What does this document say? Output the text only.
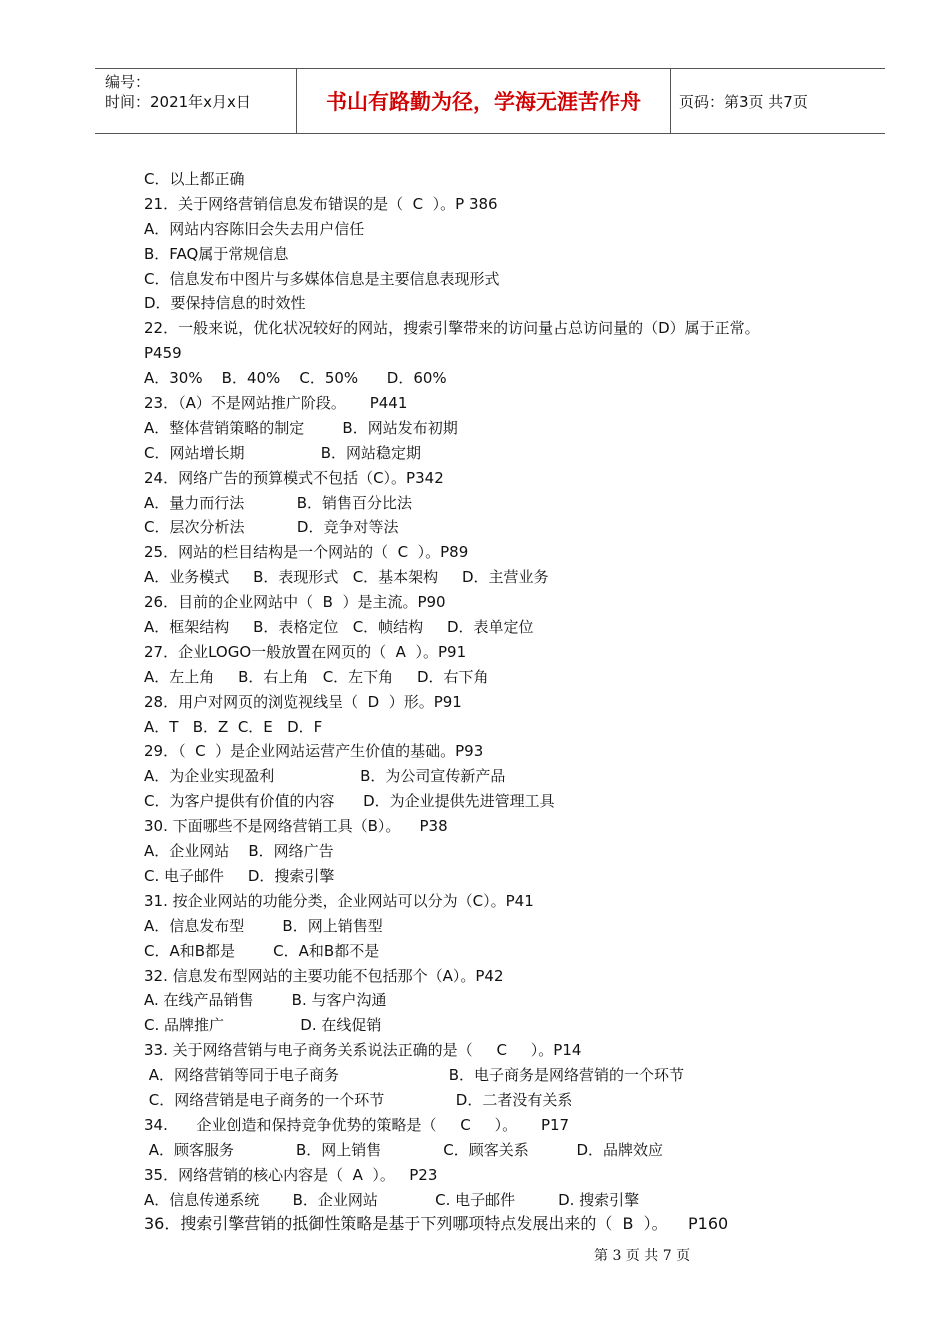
编号：
时间：2021年x月x日	书山有路勤为径，学海无涯苦作舟	页码：第3页 共7页
C．以上都正确
21．关于网络营销信息发布错误的是（  C  ）。P 386
A．网站内容陈旧会失去用户信任
B．FAQ属于常规信息
C．信息发布中图片与多媒体信息是主要信息表现形式
D．要保持信息的时效性
22．一般来说，优化状况较好的网站，搜索引擎带来的访问量占总访问量的（D）属于正常。
P459
A．30%    B．40%    C．50%      D．60%
23．（A）不是网站推广阶段。     P441
A．整体营销策略的制定        B．网站发布初期
C．网站增长期                B．网站稳定期
24．网络广告的预算模式不包括（C）。P342
A．量力而行法           B．销售百分比法
C．层次分析法           D．竞争对等法
25．网站的栏目结构是一个网站的（  C  ）。P89
A．业务模式     B．表现形式   C．基本架构     D．主营业务
26．目前的企业网站中（  B  ）是主流。P90
A．框架结构     B．表格定位   C．帧结构     D．表单定位
27．企业LOGO一般放置在网页的（  A  ）。P91
A．左上角     B．右上角   C．左下角     D．右下角
28．用户对网页的浏览视线呈（  D  ）形。P91
A．T   B．Z  C．E   D．F
29．（  C  ）是企业网站运营产生价值的基础。P93
A．为企业实现盈利                  B．为公司宣传新产品
C．为客户提供有价值的内容      D．为企业提供先进管理工具
30. 下面哪些不是网络营销工具（B）。    P38
A．企业网站    B．网络广告
C. 电子邮件     D．搜索引擎
31. 按企业网站的功能分类，企业网站可以分为（C）。P41
A．信息发布型        B．网上销售型
C．A和B都是        C．A和B都不是
32. 信息发布型网站的主要功能不包括那个（A）。P42
A. 在线产品销售        B. 与客户沟通
C. 品牌推广                D. 在线促销
33. 关于网络营销与电子商务关系说法正确的是（     C     ）。P14
A．网络营销等同于电子商务                       B．电子商务是网络营销的一个环节
C．网络营销是电子商务的一个环节               D．二者没有关系
34.      企业创造和保持竞争优势的策略是（     C     ）。     P17
A．顾客服务             B．网上销售             C．顾客关系          D．品牌效应
35．网络营销的核心内容是（  A  ）。   P23
A．信息传递系统       B．企业网站            C. 电子邮件         D. 搜索引擎
36．搜索引擎营销的抵御性策略是基于下列哪项特点发展出来的（  B  ）。    P160
第 3 页 共 7 页
